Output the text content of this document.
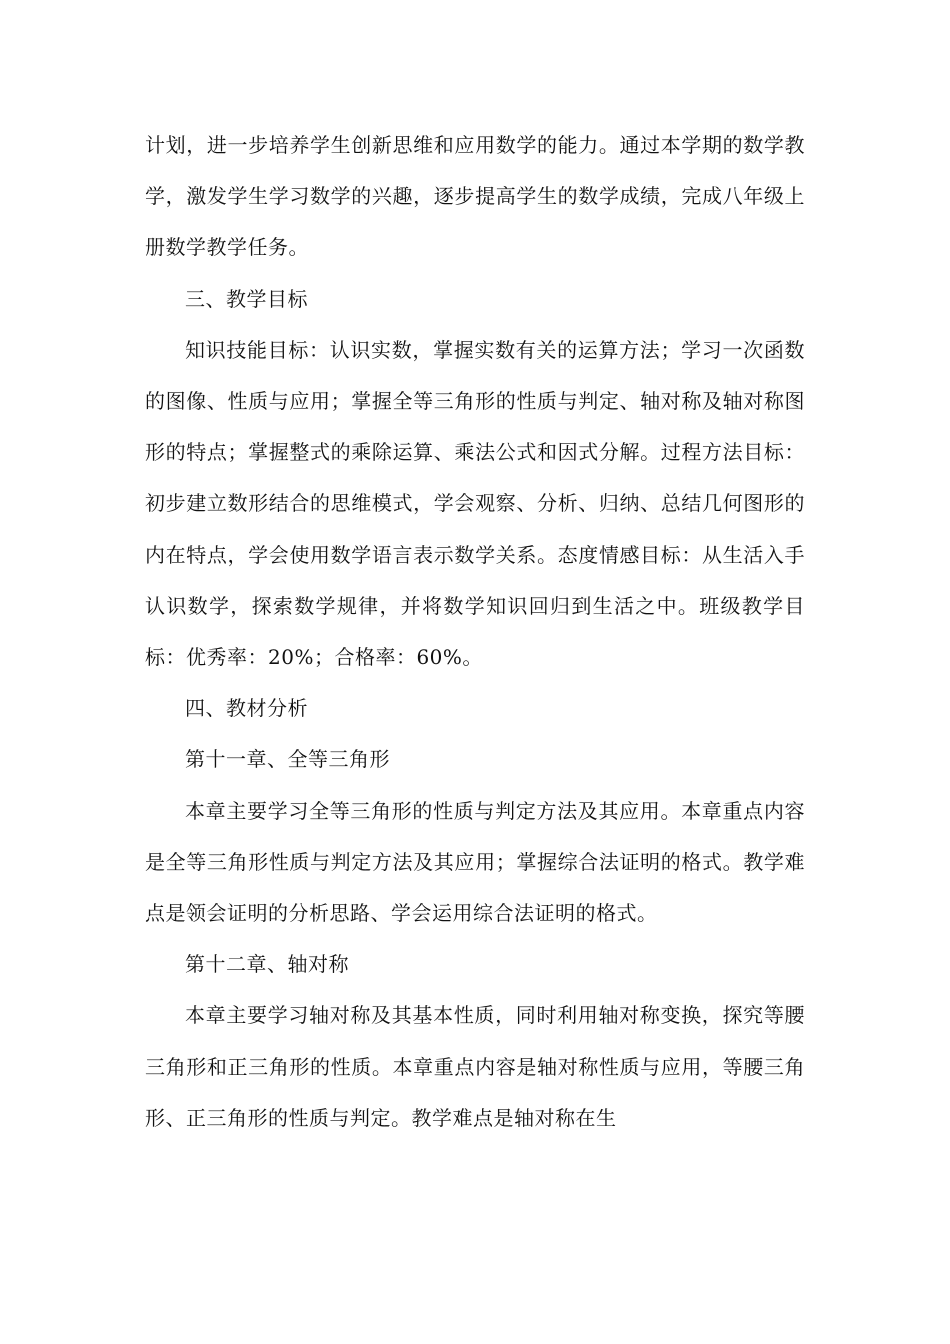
计划，进一步培养学生创新思维和应用数学的能力。通过本学期的数学教学，激发学生学习数学的兴趣，逐步提高学生的数学成绩，完成八年级上册数学教学任务。

三、教学目标

知识技能目标：认识实数，掌握实数有关的运算方法；学习一次函数的图像、性质与应用；掌握全等三角形的性质与判定、轴对称及轴对称图形的特点；掌握整式的乘除运算、乘法公式和因式分解。过程方法目标：初步建立数形结合的思维模式，学会观察、分析、归纳、总结几何图形的内在特点，学会使用数学语言表示数学关系。态度情感目标：从生活入手认识数学，探索数学规律，并将数学知识回归到生活之中。班级教学目标：优秀率：20%；合格率：60%。

四、教材分析

第十一章、全等三角形

本章主要学习全等三角形的性质与判定方法及其应用。本章重点内容是全等三角形性质与判定方法及其应用；掌握综合法证明的格式。教学难点是领会证明的分析思路、学会运用综合法证明的格式。

第十二章、轴对称

本章主要学习轴对称及其基本性质，同时利用轴对称变换，探究等腰三角形和正三角形的性质。本章重点内容是轴对称性质与应用，等腰三角形、正三角形的性质与判定。教学难点是轴对称在生
